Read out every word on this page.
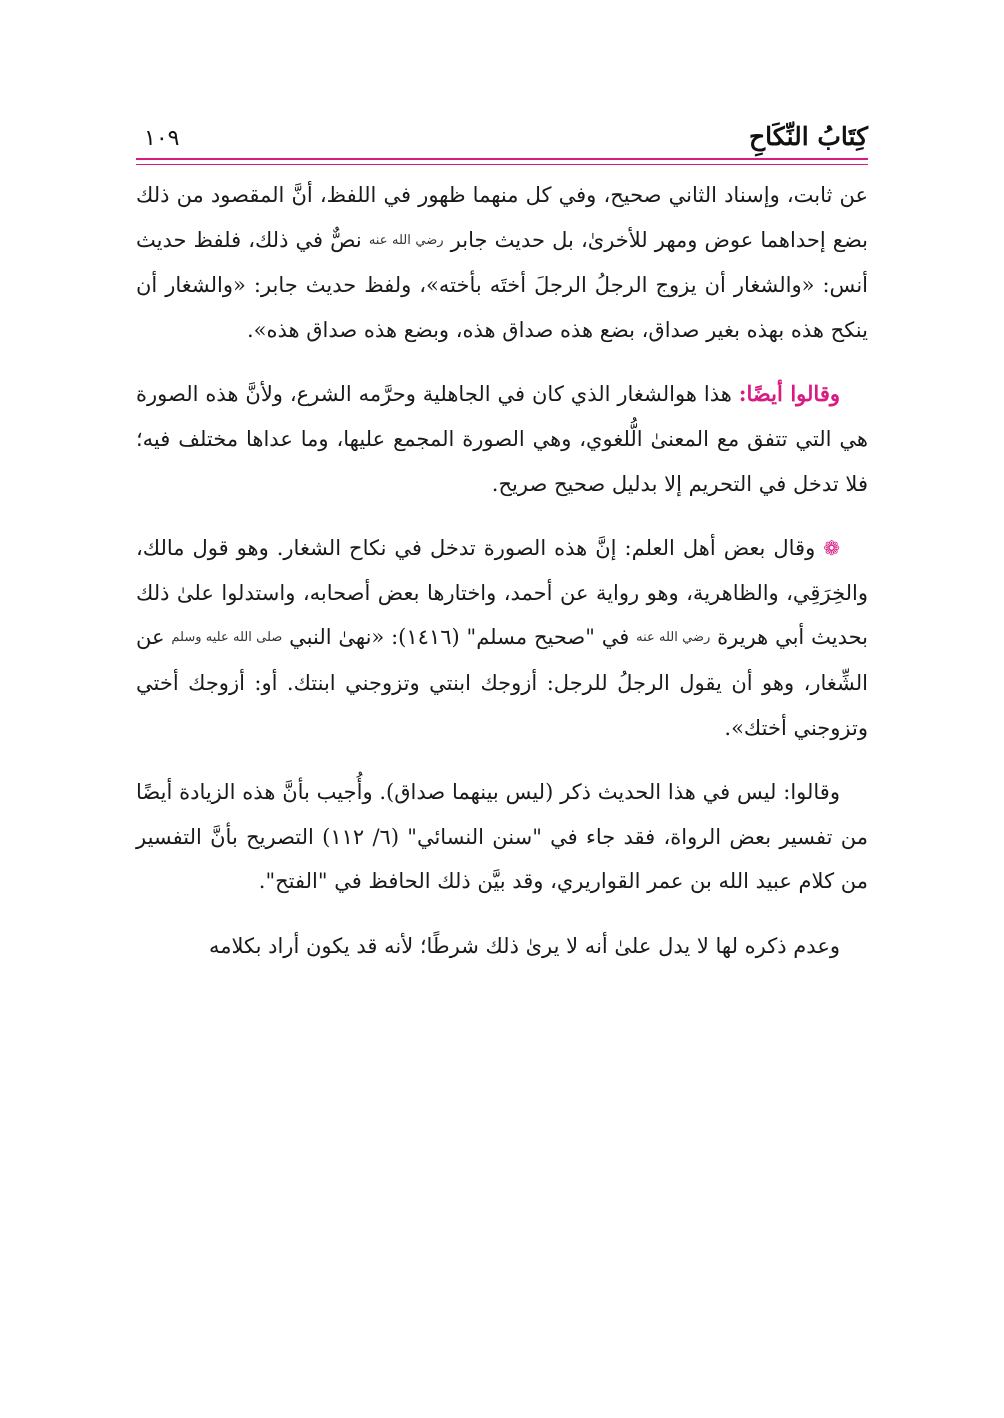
كِتَابُ النِّكَاحِ
١٠٩

عن ثابت، وإسناد الثاني صحيح، وفي كل منهما ظهور في اللفظ، أنَّ المقصود من ذلك بضع إحداهما عوض ومهر للأخرىٰ، بل حديث جابر رضي الله عنه نصٌّ في ذلك، فلفظ حديث أنس: «والشغار أن يزوج الرجلُ الرجلَ أختَه بأخته»، ولفظ حديث جابر: «والشغار أن ينكح هذه بهذه بغير صداق، بضع هذه صداق هذه، وبضع هذه صداق هذه».

وقالوا أيضًا: هذا هوالشغار الذي كان في الجاهلية وحرَّمه الشرع، ولأنَّ هذه الصورة هي التي تتفق مع المعنىٰ الُّلغوي، وهي الصورة المجمع عليها، وما عداها مختلف فيه؛ فلا تدخل في التحريم إلا بدليل صحيح صريح.

❁ وقال بعض أهل العلم: إنَّ هذه الصورة تدخل في نكاح الشغار. وهو قول مالك، والخِرَقِي، والظاهرية، وهو رواية عن أحمد، واختارها بعض أصحابه، واستدلوا علىٰ ذلك بحديث أبي هريرة رضي الله عنه في "صحيح مسلم" (١٤١٦): «نهىٰ النبي صلى الله عليه وسلم عن الشِّغار، وهو أن يقول الرجلُ للرجل: أزوجك ابنتي وتزوجني ابنتك. أو: أزوجك أختي وتزوجني أختك».

وقالوا: ليس في هذا الحديث ذكر (ليس بينهما صداق). وأُجيب بأنَّ هذه الزيادة أيضًا من تفسير بعض الرواة، فقد جاء في "سنن النسائي" (٦/ ١١٢) التصريح بأنَّ التفسير من كلام عبيد الله بن عمر القواريري، وقد بيَّن ذلك الحافظ في "الفتح".

وعدم ذكره لها لا يدل علىٰ أنه لا يرىٰ ذلك شرطًا؛ لأنه قد يكون أراد بكلامه
